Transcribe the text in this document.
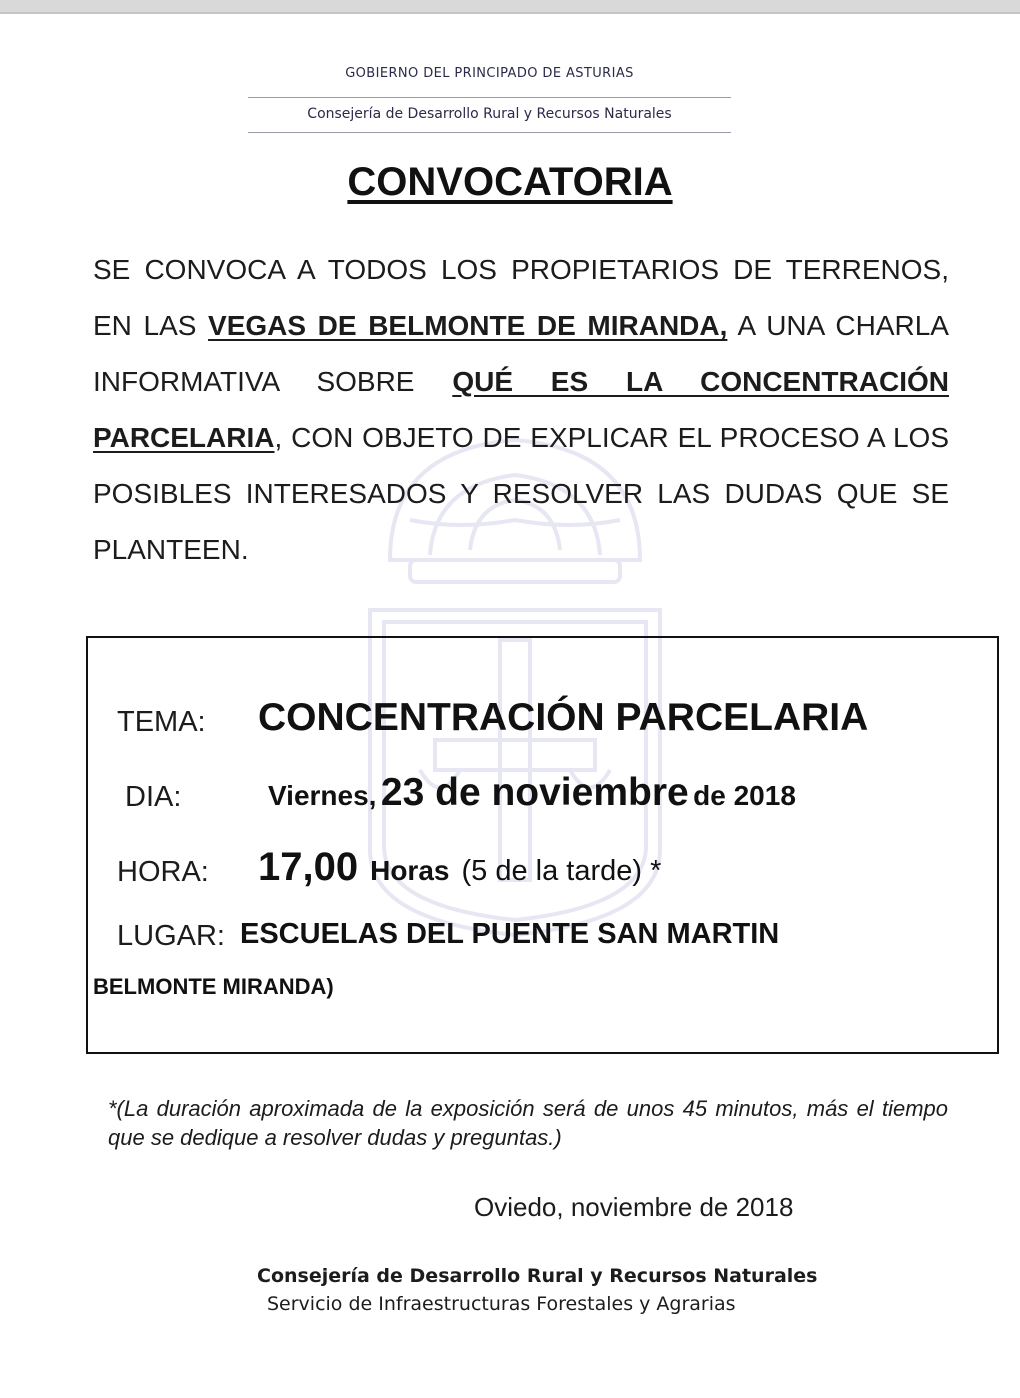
GOBIERNO DEL PRINCIPADO DE ASTURIAS
Consejería de Desarrollo Rural y Recursos Naturales
CONVOCATORIA

SE CONVOCA A TODOS LOS PROPIETARIOS DE TERRENOS, EN LAS VEGAS DE BELMONTE DE MIRANDA, A UNA CHARLA INFORMATIVA SOBRE QUÉ ES LA CONCENTRACIÓN PARCELARIA, CON OBJETO DE EXPLICAR EL PROCESO A LOS POSIBLES INTERESADOS Y RESOLVER LAS DUDAS QUE SE PLANTEEN.

TEMA: CONCENTRACIÓN PARCELARIA
DIA:	Viernes, 23 de noviembre de 2018
HORA: 17,00 Horas (5 de la tarde) *
LUGAR: ESCUELAS DEL PUENTE SAN MARTIN
BELMONTE MIRANDA)

*(La duración aproximada de la exposición será de unos 45 minutos, más el tiempo que se dedique a resolver dudas y preguntas.)

Oviedo, noviembre de 2018
Consejería de Desarrollo Rural y Recursos Naturales
Servicio de Infraestructuras Forestales y Agrarias
